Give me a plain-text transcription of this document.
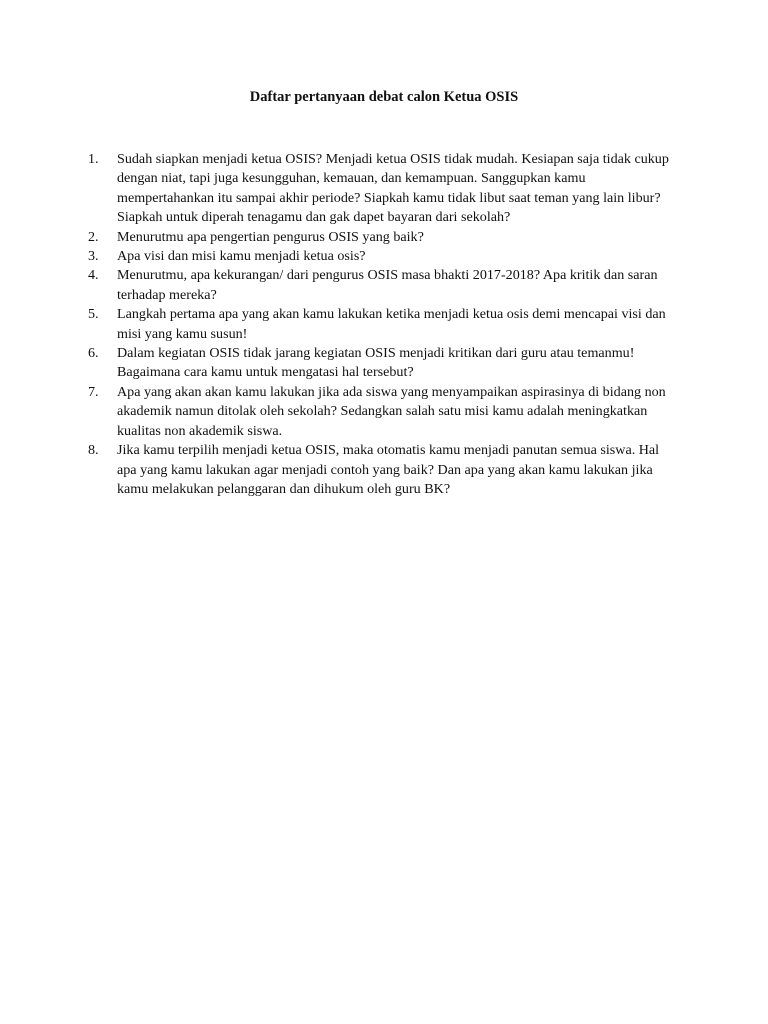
Daftar pertanyaan debat calon Ketua OSIS
1.	Sudah siapkan menjadi ketua OSIS? Menjadi ketua OSIS tidak mudah. Kesiapan saja tidak cukup dengan niat, tapi juga kesungguhan, kemauan, dan kemampuan. Sanggupkan kamu mempertahankan itu sampai akhir periode? Siapkah kamu tidak libut saat teman yang lain libur? Siapkah untuk diperah tenagamu dan gak dapet bayaran dari sekolah?
2.	Menurutmu apa pengertian pengurus OSIS yang baik?
3.	Apa visi dan misi kamu menjadi ketua osis?
4.	Menurutmu, apa kekurangan/ dari pengurus OSIS masa bhakti 2017-2018? Apa kritik dan saran terhadap mereka?
5.	Langkah pertama apa yang akan kamu lakukan ketika menjadi ketua osis demi mencapai visi dan misi yang kamu susun!
6.	Dalam kegiatan OSIS tidak jarang kegiatan OSIS menjadi kritikan dari guru atau temanmu! Bagaimana cara kamu untuk mengatasi hal tersebut?
7.	Apa yang akan akan kamu lakukan jika ada siswa yang menyampaikan aspirasinya di bidang non akademik namun ditolak oleh sekolah? Sedangkan salah satu misi kamu adalah meningkatkan kualitas non akademik siswa.
8.	Jika kamu terpilih menjadi ketua OSIS, maka otomatis kamu menjadi panutan semua siswa. Hal apa yang kamu lakukan agar menjadi contoh yang baik? Dan apa yang akan kamu lakukan jika kamu melakukan pelanggaran dan dihukum oleh guru BK?
